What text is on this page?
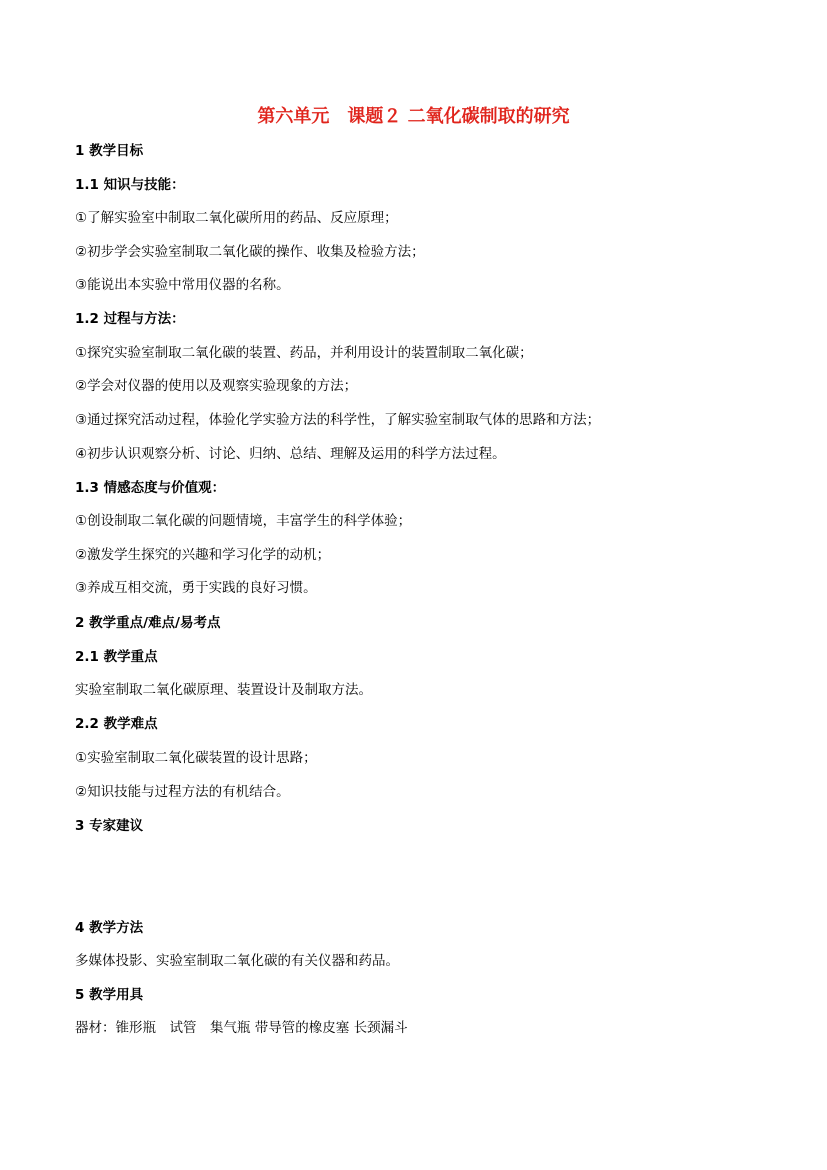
第六单元　课题２ 二氧化碳制取的研究
1 教学目标
1.1 知识与技能：
①了解实验室中制取二氧化碳所用的药品、反应原理；
②初步学会实验室制取二氧化碳的操作、收集及检验方法；
③能说出本实验中常用仪器的名称。
1.2 过程与方法：
①探究实验室制取二氧化碳的装置、药品，并利用设计的装置制取二氧化碳；
②学会对仪器的使用以及观察实验现象的方法；
③通过探究活动过程，体验化学实验方法的科学性，了解实验室制取气体的思路和方法；
④初步认识观察分析、讨论、归纳、总结、理解及运用的科学方法过程。
1.3 情感态度与价值观：
①创设制取二氧化碳的问题情境，丰富学生的科学体验；
②激发学生探究的兴趣和学习化学的动机；
③养成互相交流，勇于实践的良好习惯。
2 教学重点/难点/易考点
2.1 教学重点
实验室制取二氧化碳原理、装置设计及制取方法。
2.2 教学难点
①实验室制取二氧化碳装置的设计思路；
②知识技能与过程方法的有机结合。
3 专家建议
4 教学方法
多媒体投影、实验室制取二氧化碳的有关仪器和药品。
5 教学用具
器材：锥形瓶　试管　集气瓶 带导管的橡皮塞 长颈漏斗
